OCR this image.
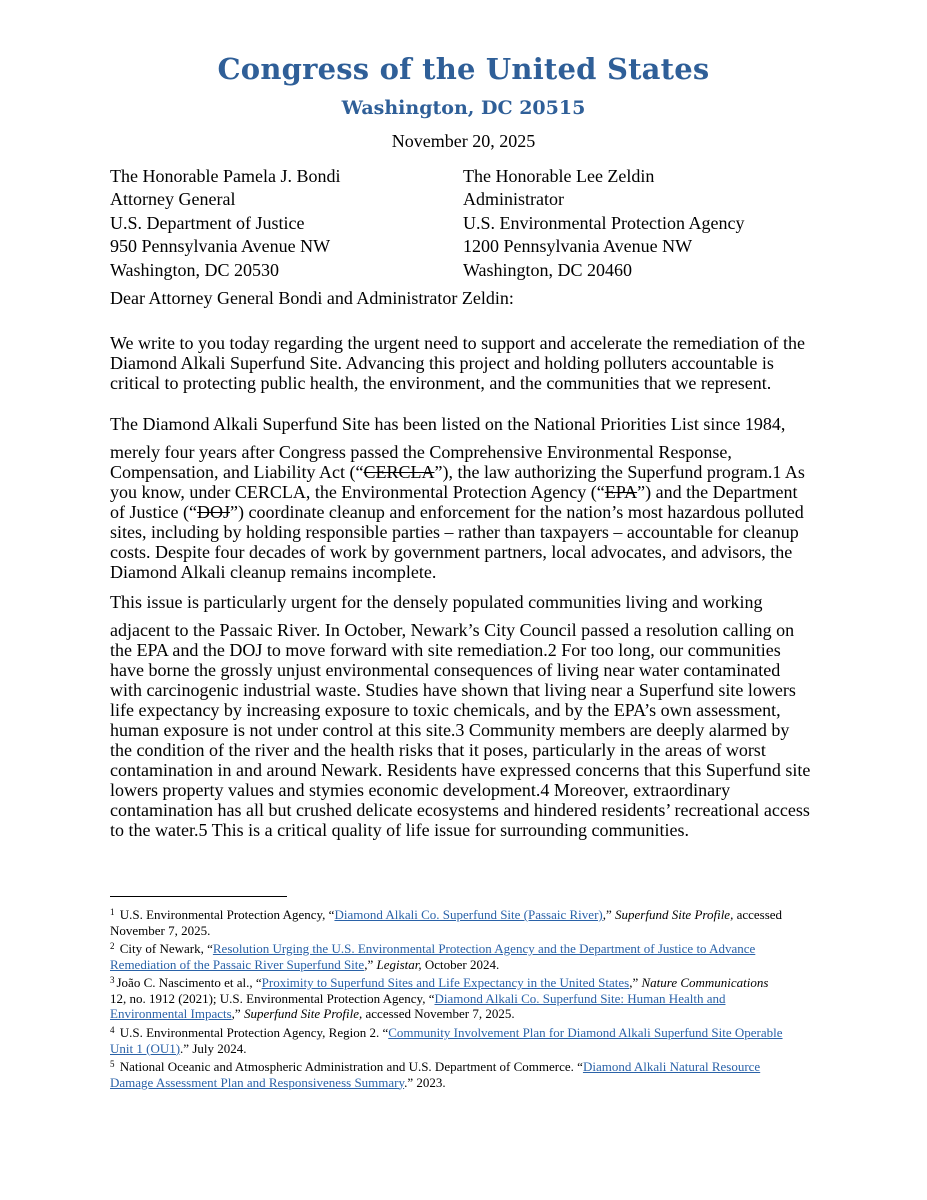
Congress of the United States
Washington, DC 20515
November 20, 2025
The Honorable Pamela J. Bondi
Attorney General
U.S. Department of Justice
950 Pennsylvania Avenue NW
Washington, DC 20530
The Honorable Lee Zeldin
Administrator
U.S. Environmental Protection Agency
1200 Pennsylvania Avenue NW
Washington, DC 20460
Dear Attorney General Bondi and Administrator Zeldin:
We write to you today regarding the urgent need to support and accelerate the remediation of the
Diamond Alkali Superfund Site. Advancing this project and holding polluters accountable is
critical to protecting public health, the environment, and the communities that we represent.
The Diamond Alkali Superfund Site has been listed on the National Priorities List since 1984,
merely four years after Congress passed the Comprehensive Environmental Response,
Compensation, and Liability Act (“CERCLA”), the law authorizing the Superfund program.1 As
you know, under CERCLA, the Environmental Protection Agency (“EPA”) and the Department
of Justice (“DOJ”) coordinate cleanup and enforcement for the nation’s most hazardous polluted
sites, including by holding responsible parties – rather than taxpayers – accountable for cleanup
costs. Despite four decades of work by government partners, local advocates, and advisors, the
Diamond Alkali cleanup remains incomplete.
This issue is particularly urgent for the densely populated communities living and working
adjacent to the Passaic River. In October, Newark’s City Council passed a resolution calling on
the EPA and the DOJ to move forward with site remediation.2 For too long, our communities
have borne the grossly unjust environmental consequences of living near water contaminated
with carcinogenic industrial waste. Studies have shown that living near a Superfund site lowers
life expectancy by increasing exposure to toxic chemicals, and by the EPA’s own assessment,
human exposure is not under control at this site.3 Community members are deeply alarmed by
the condition of the river and the health risks that it poses, particularly in the areas of worst
contamination in and around Newark. Residents have expressed concerns that this Superfund site
lowers property values and stymies economic development.4 Moreover, extraordinary
contamination has all but crushed delicate ecosystems and hindered residents’ recreational access
to the water.5 This is a critical quality of life issue for surrounding communities.
$^1$ U.S. Environmental Protection Agency, “Diamond Alkali Co. Superfund Site (Passaic River),” Superfund Site Profile, accessed
November 7, 2025.
$^2$ City of Newark, “Resolution Urging the U.S. Environmental Protection Agency and the Department of Justice to Advance
Remediation of the Passaic River Superfund Site,” Legistar, October 2024.
$^3$ João C. Nascimento et al., “Proximity to Superfund Sites and Life Expectancy in the United States,” Nature Communications
12, no. 1912 (2021); U.S. Environmental Protection Agency, “Diamond Alkali Co. Superfund Site: Human Health and
Environmental Impacts,” Superfund Site Profile, accessed November 7, 2025.
$^4$ U.S. Environmental Protection Agency, Region 2. “Community Involvement Plan for Diamond Alkali Superfund Site Operable
Unit 1 (OU1).” July 2024.
$^5$ National Oceanic and Atmospheric Administration and U.S. Department of Commerce. “Diamond Alkali Natural Resource
Damage Assessment Plan and Responsiveness Summary.” 2023.
